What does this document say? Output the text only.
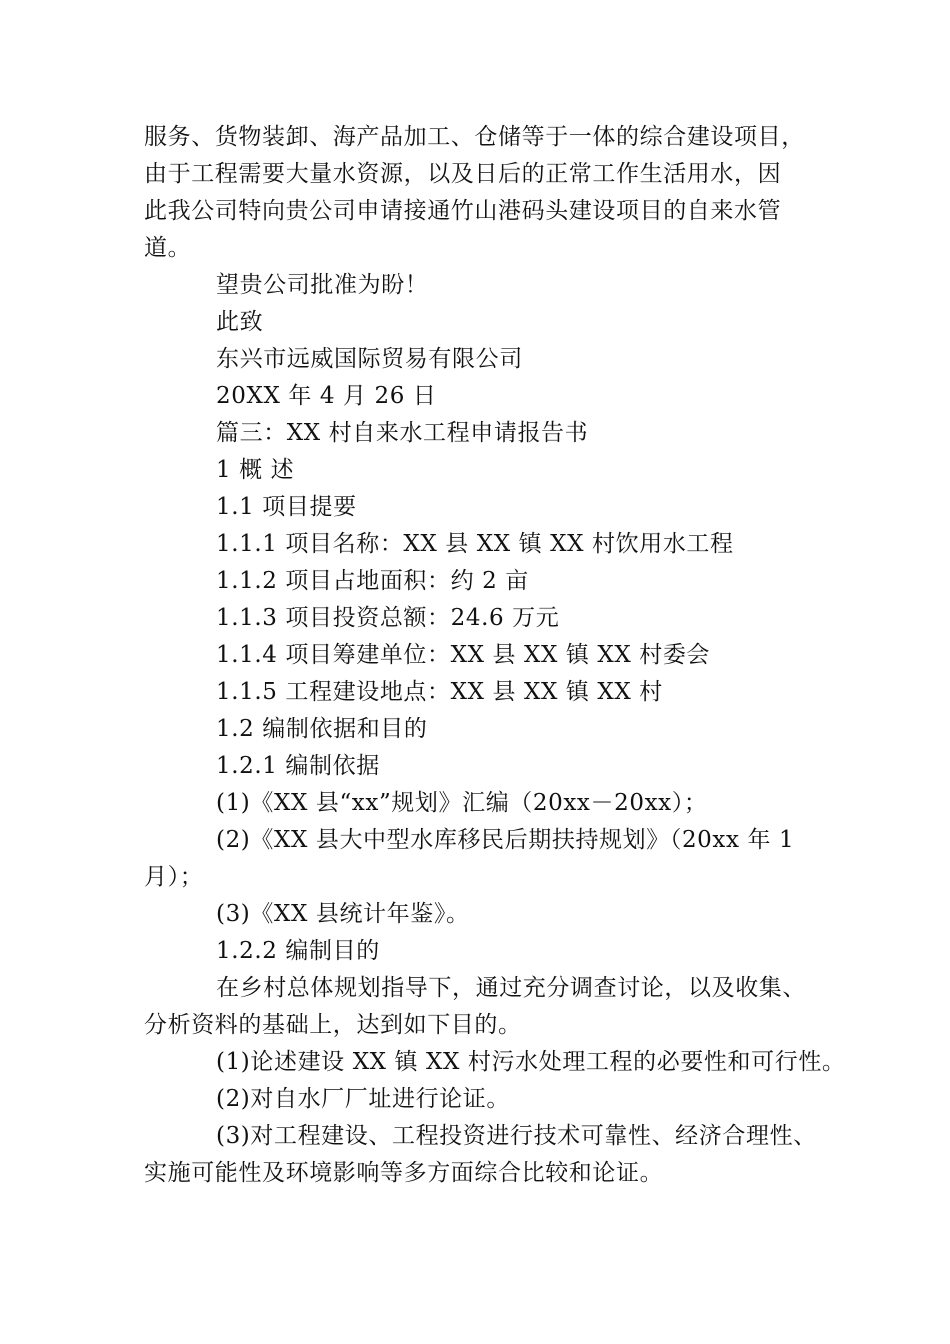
服务、货物装卸、海产品加工、仓储等于一体的综合建设项目，
由于工程需要大量水资源，以及日后的正常工作生活用水，因
此我公司特向贵公司申请接通竹山港码头建设项目的自来水管
道。
望贵公司批准为盼！
此致
东兴市远威国际贸易有限公司
20XX 年 4 月 26 日
篇三：XX 村自来水工程申请报告书
1 概 述
1.1 项目提要
1.1.1 项目名称：XX 县 XX 镇 XX 村饮用水工程
1.1.2 项目占地面积：约 2 亩
1.1.3 项目投资总额：24.6 万元
1.1.4 项目筹建单位：XX 县 XX 镇 XX 村委会
1.1.5 工程建设地点：XX 县 XX 镇 XX 村
1.2 编制依据和目的
1.2.1 编制依据
(1)《XX 县“xx”规划》汇编（20xx－20xx）；
(2)《XX 县大中型水库移民后期扶持规划》（20xx 年 1
月）；
(3)《XX 县统计年鉴》。
1.2.2 编制目的
在乡村总体规划指导下，通过充分调查讨论，以及收集、
分析资料的基础上，达到如下目的。
(1)论述建设 XX 镇 XX 村污水处理工程的必要性和可行性。
(2)对自水厂厂址进行论证。
(3)对工程建设、工程投资进行技术可靠性、经济合理性、
实施可能性及环境影响等多方面综合比较和论证。
